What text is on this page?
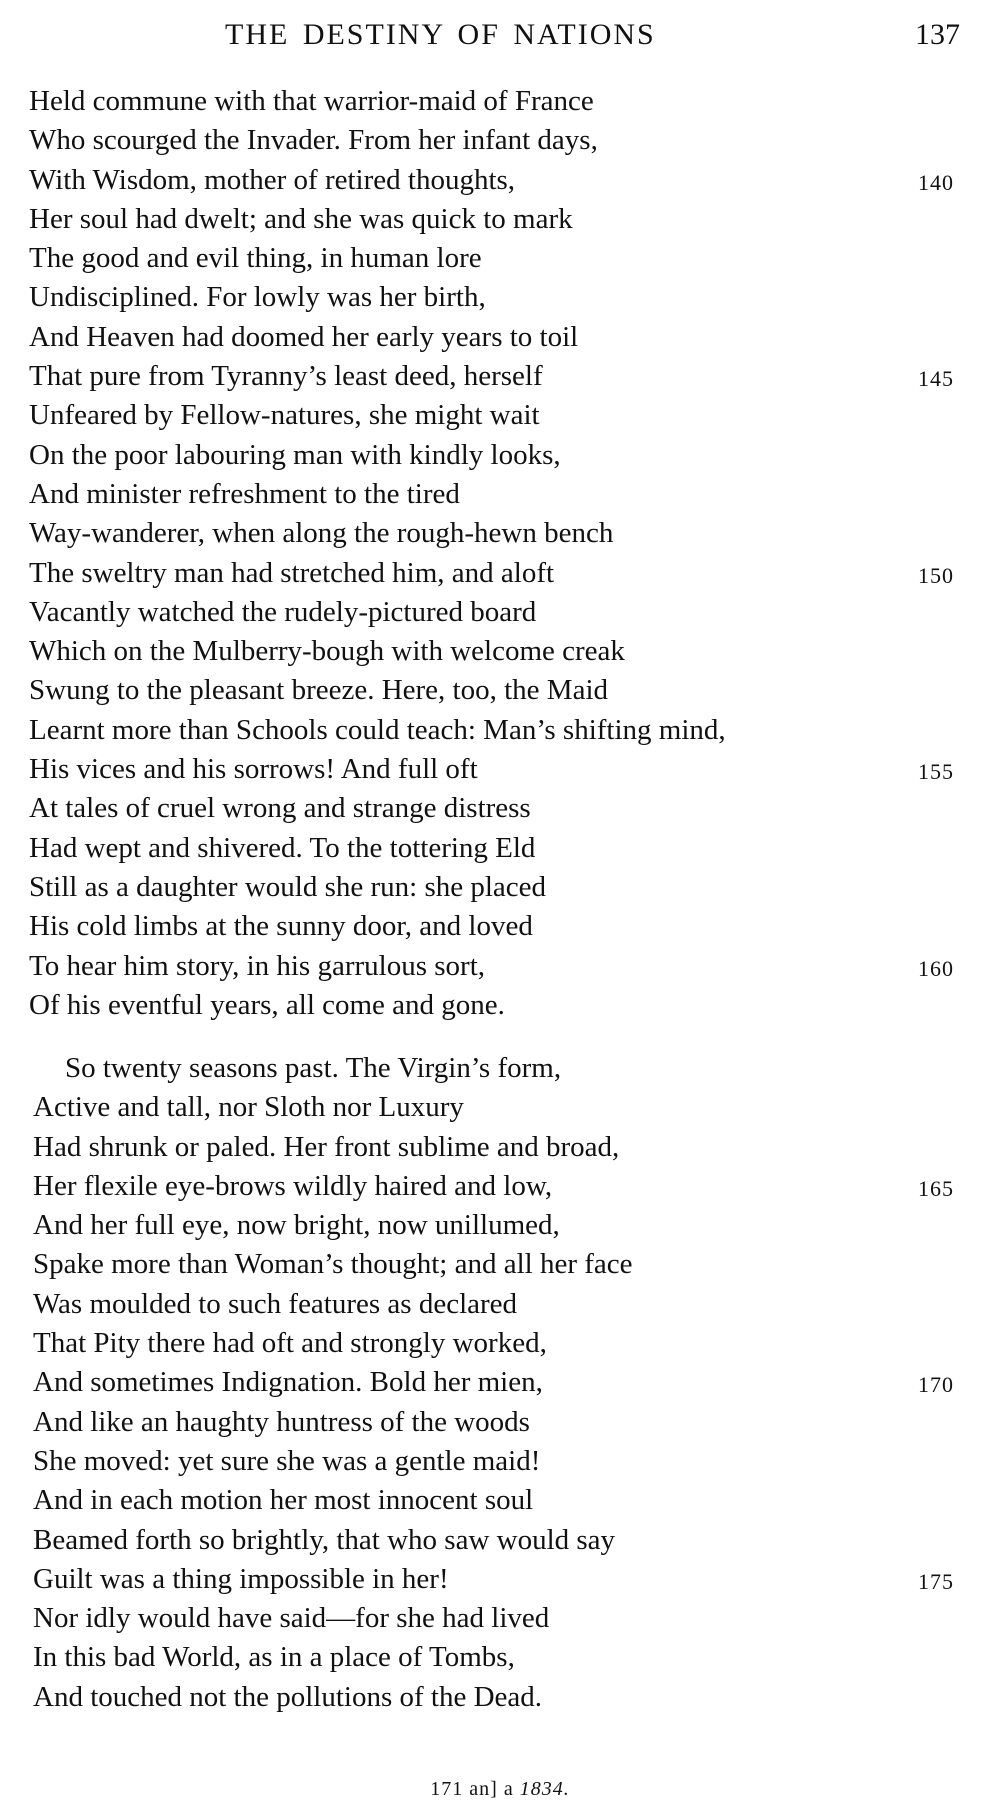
THE DESTINY OF NATIONS	137
Held commune with that warrior-maid of France
Who scourged the Invader. From her infant days,
With Wisdom, mother of retired thoughts,	140
Her soul had dwelt; and she was quick to mark
The good and evil thing, in human lore
Undisciplined. For lowly was her birth,
And Heaven had doomed her early years to toil
That pure from Tyranny’s least deed, herself	145
Unfeared by Fellow-natures, she might wait
On the poor labouring man with kindly looks,
And minister refreshment to the tired
Way-wanderer, when along the rough-hewn bench
The sweltry man had stretched him, and aloft	150
Vacantly watched the rudely-pictured board
Which on the Mulberry-bough with welcome creak
Swung to the pleasant breeze. Here, too, the Maid
Learnt more than Schools could teach: Man’s shifting mind,
His vices and his sorrows! And full oft	155
At tales of cruel wrong and strange distress
Had wept and shivered. To the tottering Eld
Still as a daughter would she run: she placed
His cold limbs at the sunny door, and loved
To hear him story, in his garrulous sort,	160
Of his eventful years, all come and gone.
So twenty seasons past. The Virgin’s form,
Active and tall, nor Sloth nor Luxury
Had shrunk or paled. Her front sublime and broad,
Her flexile eye-brows wildly haired and low,	165
And her full eye, now bright, now unillumed,
Spake more than Woman’s thought; and all her face
Was moulded to such features as declared
That Pity there had oft and strongly worked,
And sometimes Indignation. Bold her mien,	170
And like an haughty huntress of the woods
She moved: yet sure she was a gentle maid!
And in each motion her most innocent soul
Beamed forth so brightly, that who saw would say
Guilt was a thing impossible in her!	175
Nor idly would have said—for she had lived
In this bad World, as in a place of Tombs,
And touched not the pollutions of the Dead.
171 an] a 1834.
